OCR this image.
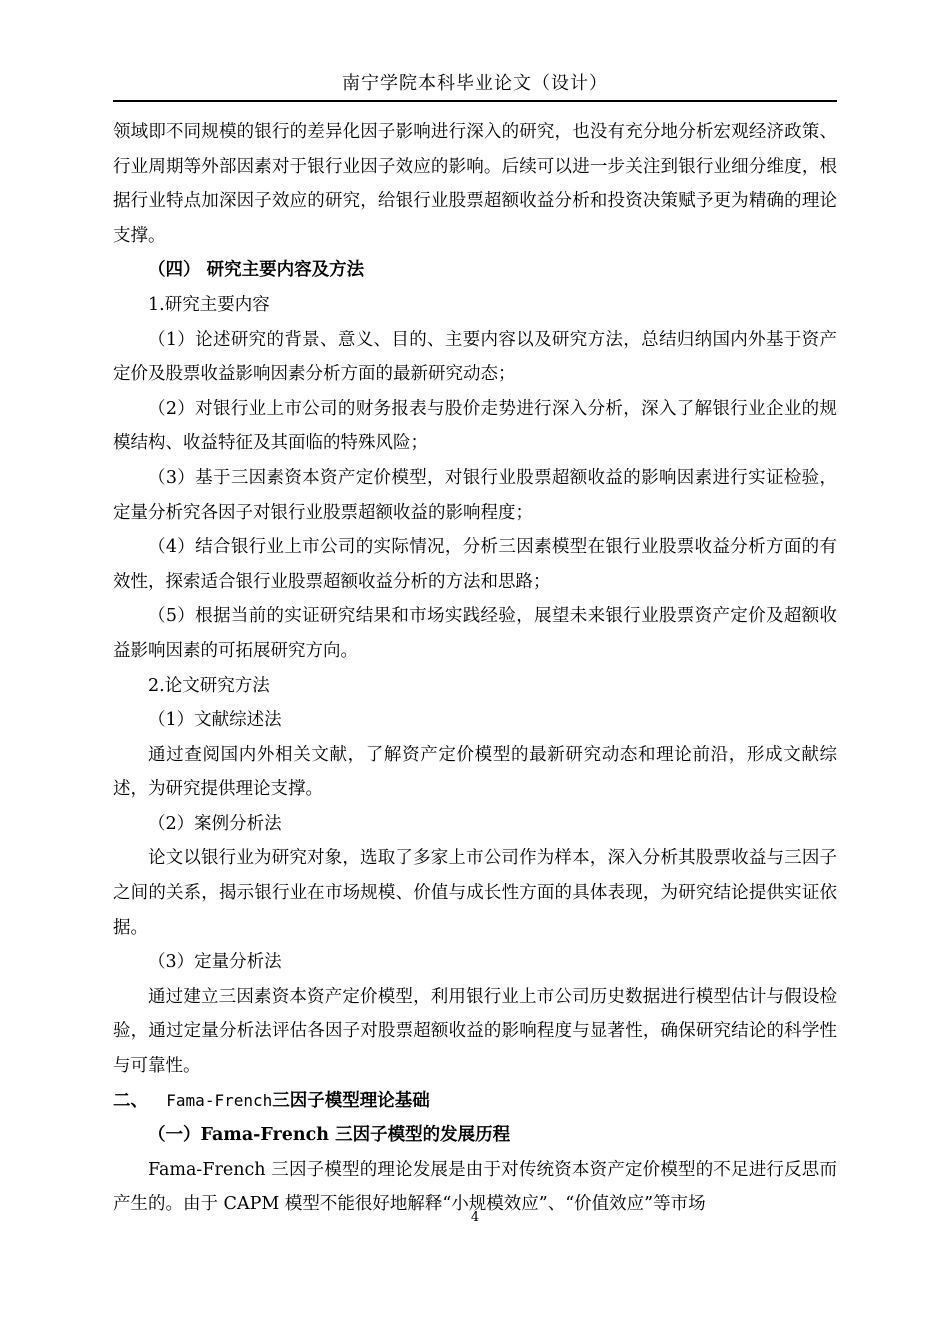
南宁学院本科毕业论文（设计）

领域即不同规模的银行的差异化因子影响进行深入的研究，也没有充分地分析宏观经济政策、行业周期等外部因素对于银行业因子效应的影响。后续可以进一步关注到银行业细分维度，根据行业特点加深因子效应的研究，给银行业股票超额收益分析和投资决策赋予更为精确的理论支撑。

（四） 研究主要内容及方法

1.研究主要内容

（1）论述研究的背景、意义、目的、主要内容以及研究方法，总结归纳国内外基于资产定价及股票收益影响因素分析方面的最新研究动态；

（2）对银行业上市公司的财务报表与股价走势进行深入分析，深入了解银行业企业的规模结构、收益特征及其面临的特殊风险；

（3）基于三因素资本资产定价模型，对银行业股票超额收益的影响因素进行实证检验，定量分析究各因子对银行业股票超额收益的影响程度；

（4）结合银行业上市公司的实际情况，分析三因素模型在银行业股票收益分析方面的有效性，探索适合银行业股票超额收益分析的方法和思路；

（5）根据当前的实证研究结果和市场实践经验，展望未来银行业股票资产定价及超额收益影响因素的可拓展研究方向。

2.论文研究方法

（1）文献综述法

通过查阅国内外相关文献，了解资产定价模型的最新研究动态和理论前沿，形成文献综述，为研究提供理论支撑。

（2）案例分析法

论文以银行业为研究对象，选取了多家上市公司作为样本，深入分析其股票收益与三因子之间的关系，揭示银行业在市场规模、价值与成长性方面的具体表现，为研究结论提供实证依据。

（3）定量分析法

通过建立三因素资本资产定价模型，利用银行业上市公司历史数据进行模型估计与假设检验，通过定量分析法评估各因子对股票超额收益的影响程度与显著性，确保研究结论的科学性与可靠性。

二、 Fama-French三因子模型理论基础

（一）Fama-French 三因子模型的发展历程

Fama-French 三因子模型的理论发展是由于对传统资本资产定价模型的不足进行反思而产生的。由于 CAPM 模型不能很好地解释“小规模效应”、“价值效应”等市场

4
